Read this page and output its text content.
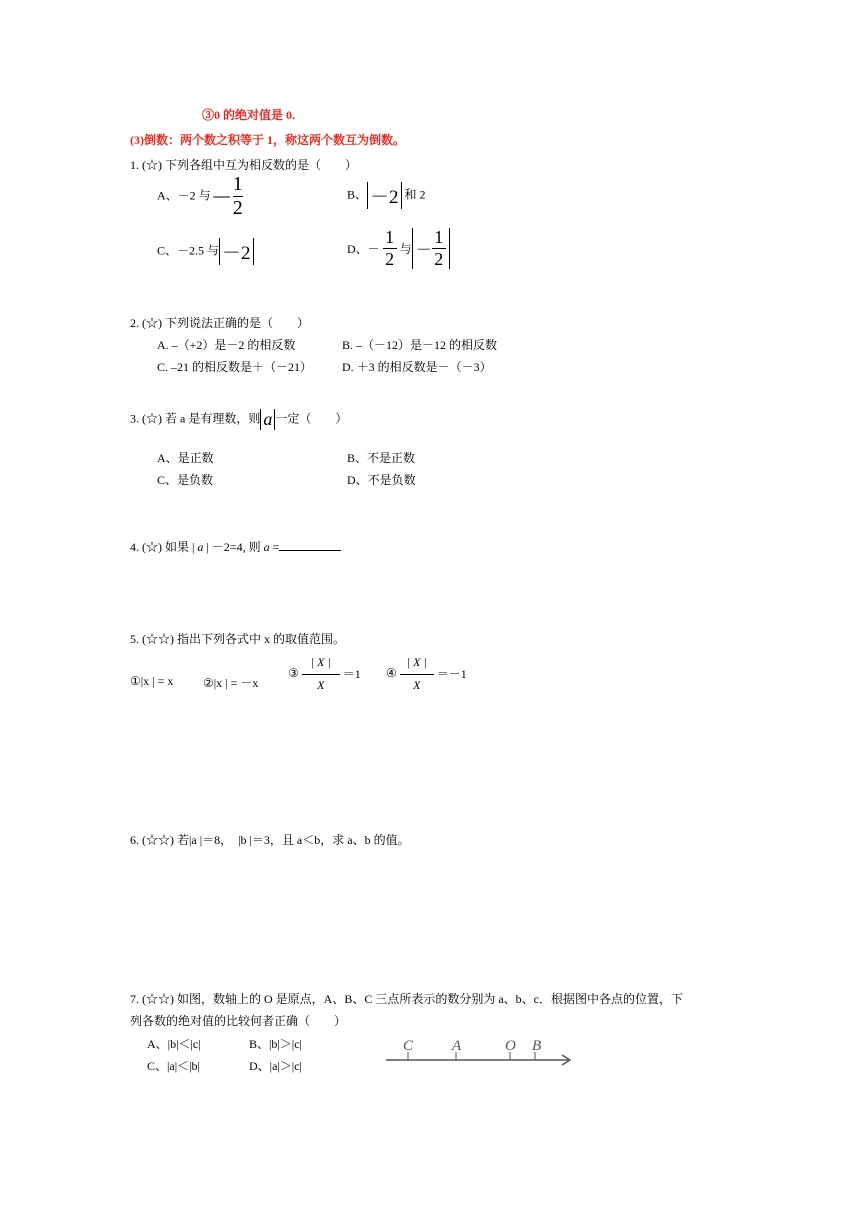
③0 的绝对值是 0.
(3)倒数：两个数之积等于 1，称这两个数互为倒数。
1. (☆) 下列各组中互为相反数的是（　　）
A、－2 与－ $\frac{1}{2}$	B、 －2 和 2
C、－2.5 与 －2	D、－ $\frac{1}{2}$ 与 － $\frac{1}{2}$
2. (☆) 下列说法正确的是（　　）
A. –（+2）是－2 的相反数	B. –（－12）是－12 的相反数
C. –21 的相反数是＋（－21） D. ＋3 的相反数是－（－3）
3. (☆) 若 a 是有理数，则 a 一定（　　）
A、是正数	B、不是正数
C、是负数	D、不是负数
4. (☆) 如果 | a | －2=4, 则 a =
5. (☆☆) 指出下列各式中 x 的取值范围。
①|x | = x ②|x | = －x
③ $\frac{| X |}{X} =1$ ④ $\frac{| X |}{X} =-1$
6. (☆☆) 若|a |＝8，　|b |＝3，且 a＜b，求 a、b 的值。
7. (☆☆) 如图，数轴上的 O 是原点，A、B、C 三点所表示的数分别为 a、b、c．根据图中各点的位置，下
列各数的绝对值的比较何者正确（　　）
A、|b|＜|c|	B、|b|＞|c|
C、|a|＜|b|	D、|a|＞|c|
C	A	O B
